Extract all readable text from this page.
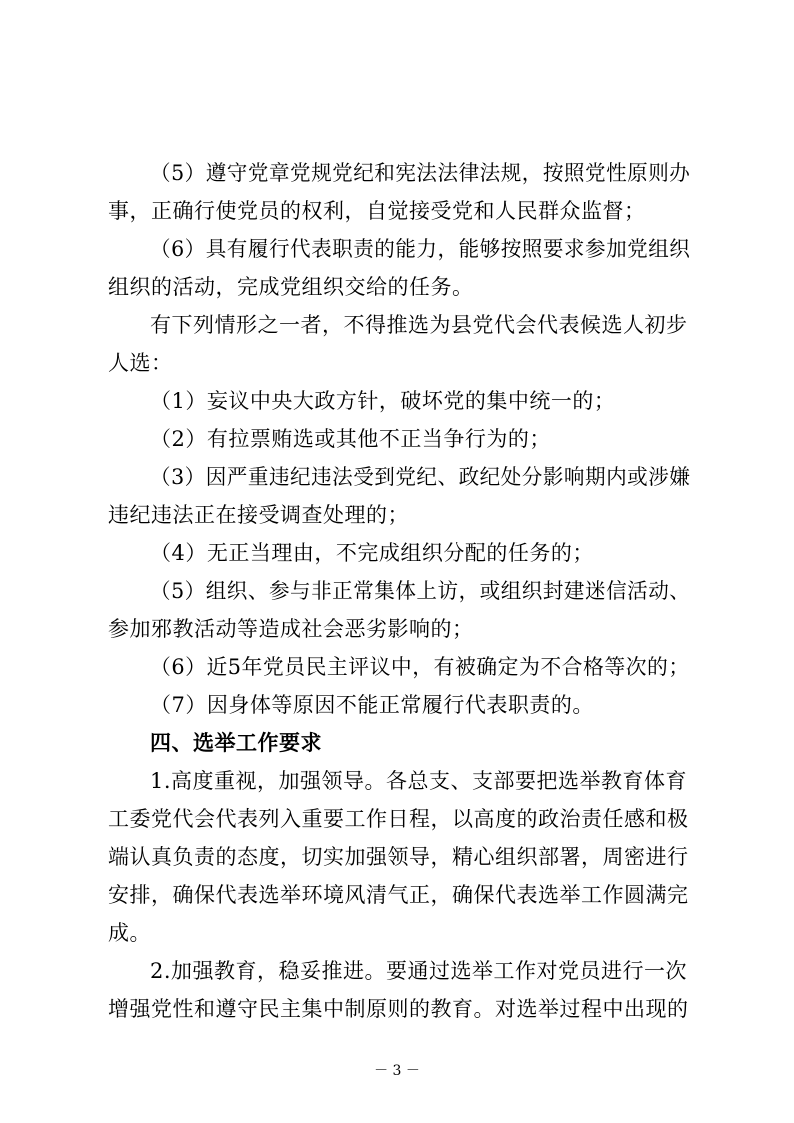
（5）遵守党章党规党纪和宪法法律法规，按照党性原则办
事，正确行使党员的权利，自觉接受党和人民群众监督；
（6）具有履行代表职责的能力，能够按照要求参加党组织
组织的活动，完成党组织交给的任务。
有下列情形之一者，不得推选为县党代会代表候选人初步
人选：
（1）妄议中央大政方针，破坏党的集中统一的；
（2）有拉票贿选或其他不正当争行为的；
（3）因严重违纪违法受到党纪、政纪处分影响期内或涉嫌
违纪违法正在接受调查处理的；
（4）无正当理由，不完成组织分配的任务的；
（5）组织、参与非正常集体上访，或组织封建迷信活动、
参加邪教活动等造成社会恶劣影响的；
（6）近5年党员民主评议中，有被确定为不合格等次的；
（7）因身体等原因不能正常履行代表职责的。
四、选举工作要求
1.高度重视，加强领导。各总支、支部要把选举教育体育
工委党代会代表列入重要工作日程，以高度的政治责任感和极
端认真负责的态度，切实加强领导，精心组织部署，周密进行
安排，确保代表选举环境风清气正，确保代表选举工作圆满完
成。
2.加强教育，稳妥推进。要通过选举工作对党员进行一次
增强党性和遵守民主集中制原则的教育。对选举过程中出现的
－ 3 －
